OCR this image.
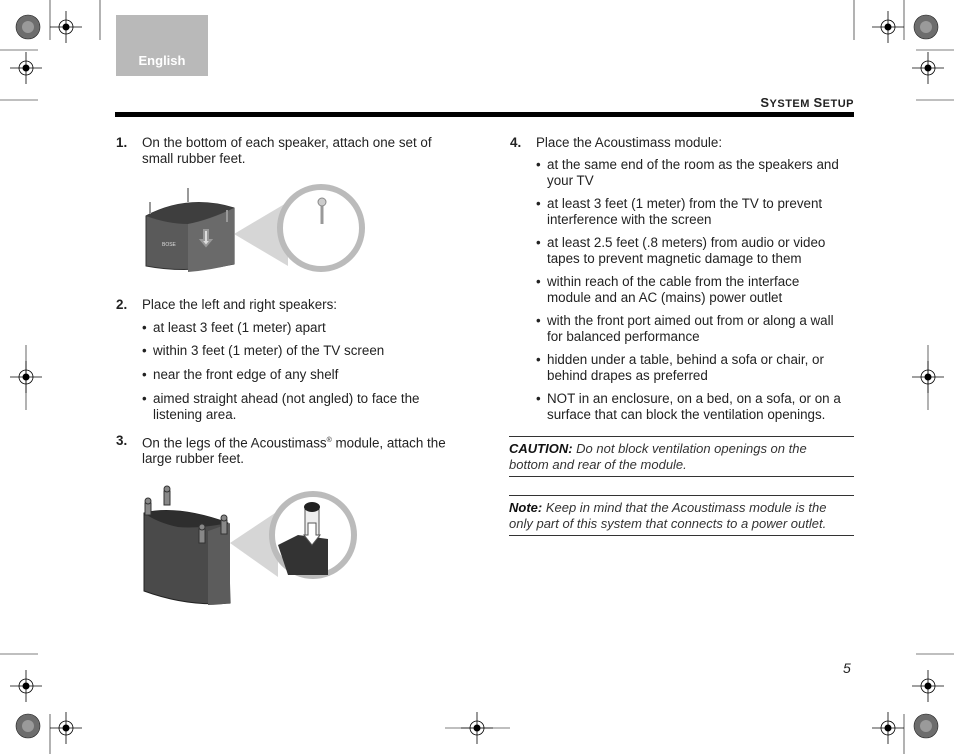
English
SYSTEM SETUP
1. On the bottom of each speaker, attach one set of
small rubber feet.
BOSE
2. Place the left and right speakers:
• at least 3 feet (1 meter) apart
• within 3 feet (1 meter) of the TV screen
• near the front edge of any shelf
• aimed straight ahead (not angled) to face the
listening area.
3. On the legs of the Acoustimass® module, attach the
large rubber feet.
4. Place the Acoustimass module:
• at the same end of the room as the speakers and
your TV
• at least 3 feet (1 meter) from the TV to prevent
interference with the screen
• at least 2.5 feet (.8 meters) from audio or video
tapes to prevent magnetic damage to them
• within reach of the cable from the interface
module and an AC (mains) power outlet
• with the front port aimed out from or along a wall
for balanced performance
• hidden under a table, behind a sofa or chair, or
behind drapes as preferred
• NOT in an enclosure, on a bed, on a sofa, or on a
surface that can block the ventilation openings.
CAUTION: Do not block ventilation openings on the
bottom and rear of the module.
Note: Keep in mind that the Acoustimass module is the
only part of this system that connects to a power outlet.
5
